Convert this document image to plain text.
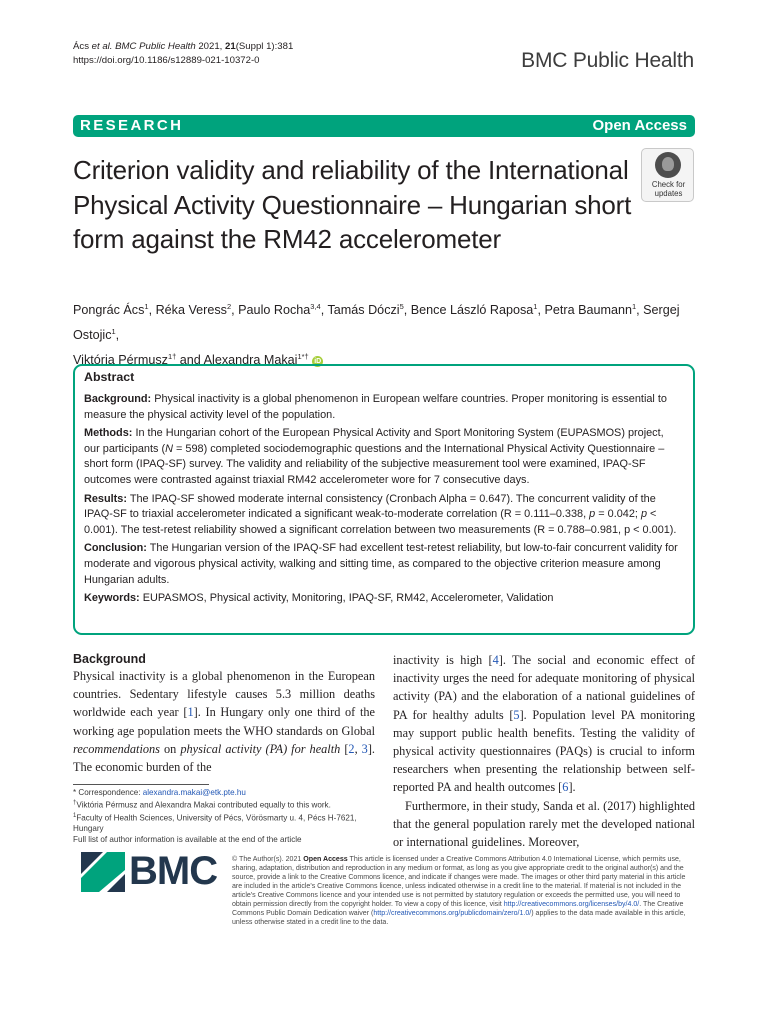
Ács et al. BMC Public Health 2021, 21(Suppl 1):381
https://doi.org/10.1186/s12889-021-10372-0	BMC Public Health
RESEARCH	Open Access
Criterion validity and reliability of the International Physical Activity Questionnaire – Hungarian short form against the RM42 accelerometer
Check for
updates
Pongrác Ács$^1$, Réka Veress$^2$, Paulo Rocha$^{3,4}$, Tamás Dóczi$^5$, Bence László Raposa$^1$, Petra Baumann$^1$, Sergej Ostojic$^1$,
Viktória Pérmusz$^{1\dagger}$ and Alexandra Makai$^{1*\dagger}$ iD
Abstract

Background: Physical inactivity is a global phenomenon in European welfare countries. Proper monitoring is essential to measure the physical activity level of the population.

Methods: In the Hungarian cohort of the European Physical Activity and Sport Monitoring System (EUPASMOS) project, our participants (N = 598) completed sociodemographic questions and the International Physical Activity Questionnaire – short form (IPAQ-SF) survey. The validity and reliability of the subjective measurement tool were examined, IPAQ-SF outcomes were contrasted against triaxial RM42 accelerometer wore for 7 consecutive days.

Results: The IPAQ-SF showed moderate internal consistency (Cronbach Alpha = 0.647). The concurrent validity of the IPAQ-SF to triaxial accelerometer indicated a significant weak-to-moderate correlation (R = 0.111–0.338, p = 0.042; p < 0.001). The test-retest reliability showed a significant correlation between two measurements (R = 0.788–0.981, p < 0.001).

Conclusion: The Hungarian version of the IPAQ-SF had excellent test-retest reliability, but low-to-fair concurrent validity for moderate and vigorous physical activity, walking and sitting time, as compared to the objective criterion measure among Hungarian adults.

Keywords: EUPASMOS, Physical activity, Monitoring, IPAQ-SF, RM42, Accelerometer, Validation

Background

Physical inactivity is a global phenomenon in the European countries. Sedentary lifestyle causes 5.3 million deaths worldwide each year [1]. In Hungary only one third of the working age population meets the WHO standards on Global recommendations on physical activity (PA) for health [2, 3]. The economic burden of the

inactivity is high [4]. The social and economic effect of inactivity urges the need for adequate monitoring of physical activity (PA) and the elaboration of a national guidelines of PA for healthy adults [5]. Population level PA monitoring may support public health benefits. Testing the validity of physical activity questionnaires (PAQs) is crucial to inform researchers when presenting the relationship between self-reported PA and health outcomes [6].

Furthermore, in their study, Sanda et al. (2017) highlighted that the general population rarely met the developed national or international guidelines. Moreover,

* Correspondence: alexandra.makai@etk.pte.hu
†Viktória Pérmusz and Alexandra Makai contributed equally to this work.
$^1$Faculty of Health Sciences, University of Pécs, Vörösmarty u. 4, Pécs H-7621, Hungary
Full list of author information is available at the end of the article
BMC © The Author(s). 2021 Open Access This article is licensed under a Creative Commons Attribution 4.0 International License, which permits use, sharing, adaptation, distribution and reproduction in any medium or format, as long as you give appropriate credit to the original author(s) and the source, provide a link to the Creative Commons licence, and indicate if changes were made. The images or other third party material in this article are included in the article's Creative Commons licence, unless indicated otherwise in a credit line to the material. If material is not included in the article's Creative Commons licence and your intended use is not permitted by statutory regulation or exceeds the permitted use, you will need to obtain permission directly from the copyright holder. To view a copy of this licence, visit http://creativecommons.org/licenses/by/4.0/. The Creative Commons Public Domain Dedication waiver (http://creativecommons.org/publicdomain/zero/1.0/) applies to the data made available in this article, unless otherwise stated in a credit line to the data.
